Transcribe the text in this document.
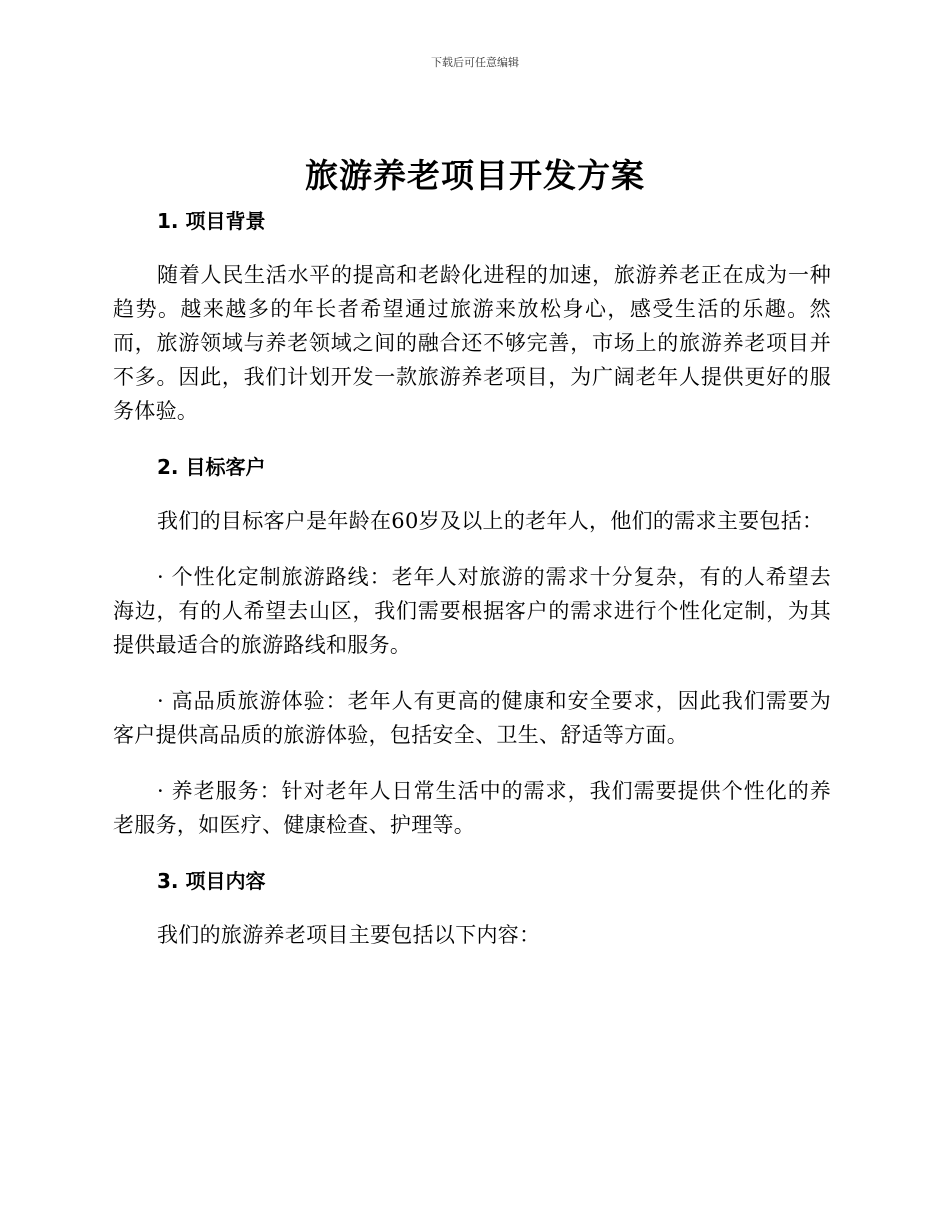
下载后可任意编辑
旅游养老项目开发方案
1. 项目背景

随着人民生活水平的提高和老龄化进程的加速，旅游养老正在成为一种趋势。越来越多的年长者希望通过旅游来放松身心，感受生活的乐趣。然而，旅游领域与养老领域之间的融合还不够完善，市场上的旅游养老项目并不多。因此，我们计划开发一款旅游养老项目，为广阔老年人提供更好的服务体验。

2. 目标客户

我们的目标客户是年龄在60岁及以上的老年人，他们的需求主要包括：

· 个性化定制旅游路线：老年人对旅游的需求十分复杂，有的人希望去海边，有的人希望去山区，我们需要根据客户的需求进行个性化定制，为其提供最适合的旅游路线和服务。

· 高品质旅游体验：老年人有更高的健康和安全要求，因此我们需要为客户提供高品质的旅游体验，包括安全、卫生、舒适等方面。

· 养老服务：针对老年人日常生活中的需求，我们需要提供个性化的养老服务，如医疗、健康检查、护理等。

3. 项目内容

我们的旅游养老项目主要包括以下内容：
